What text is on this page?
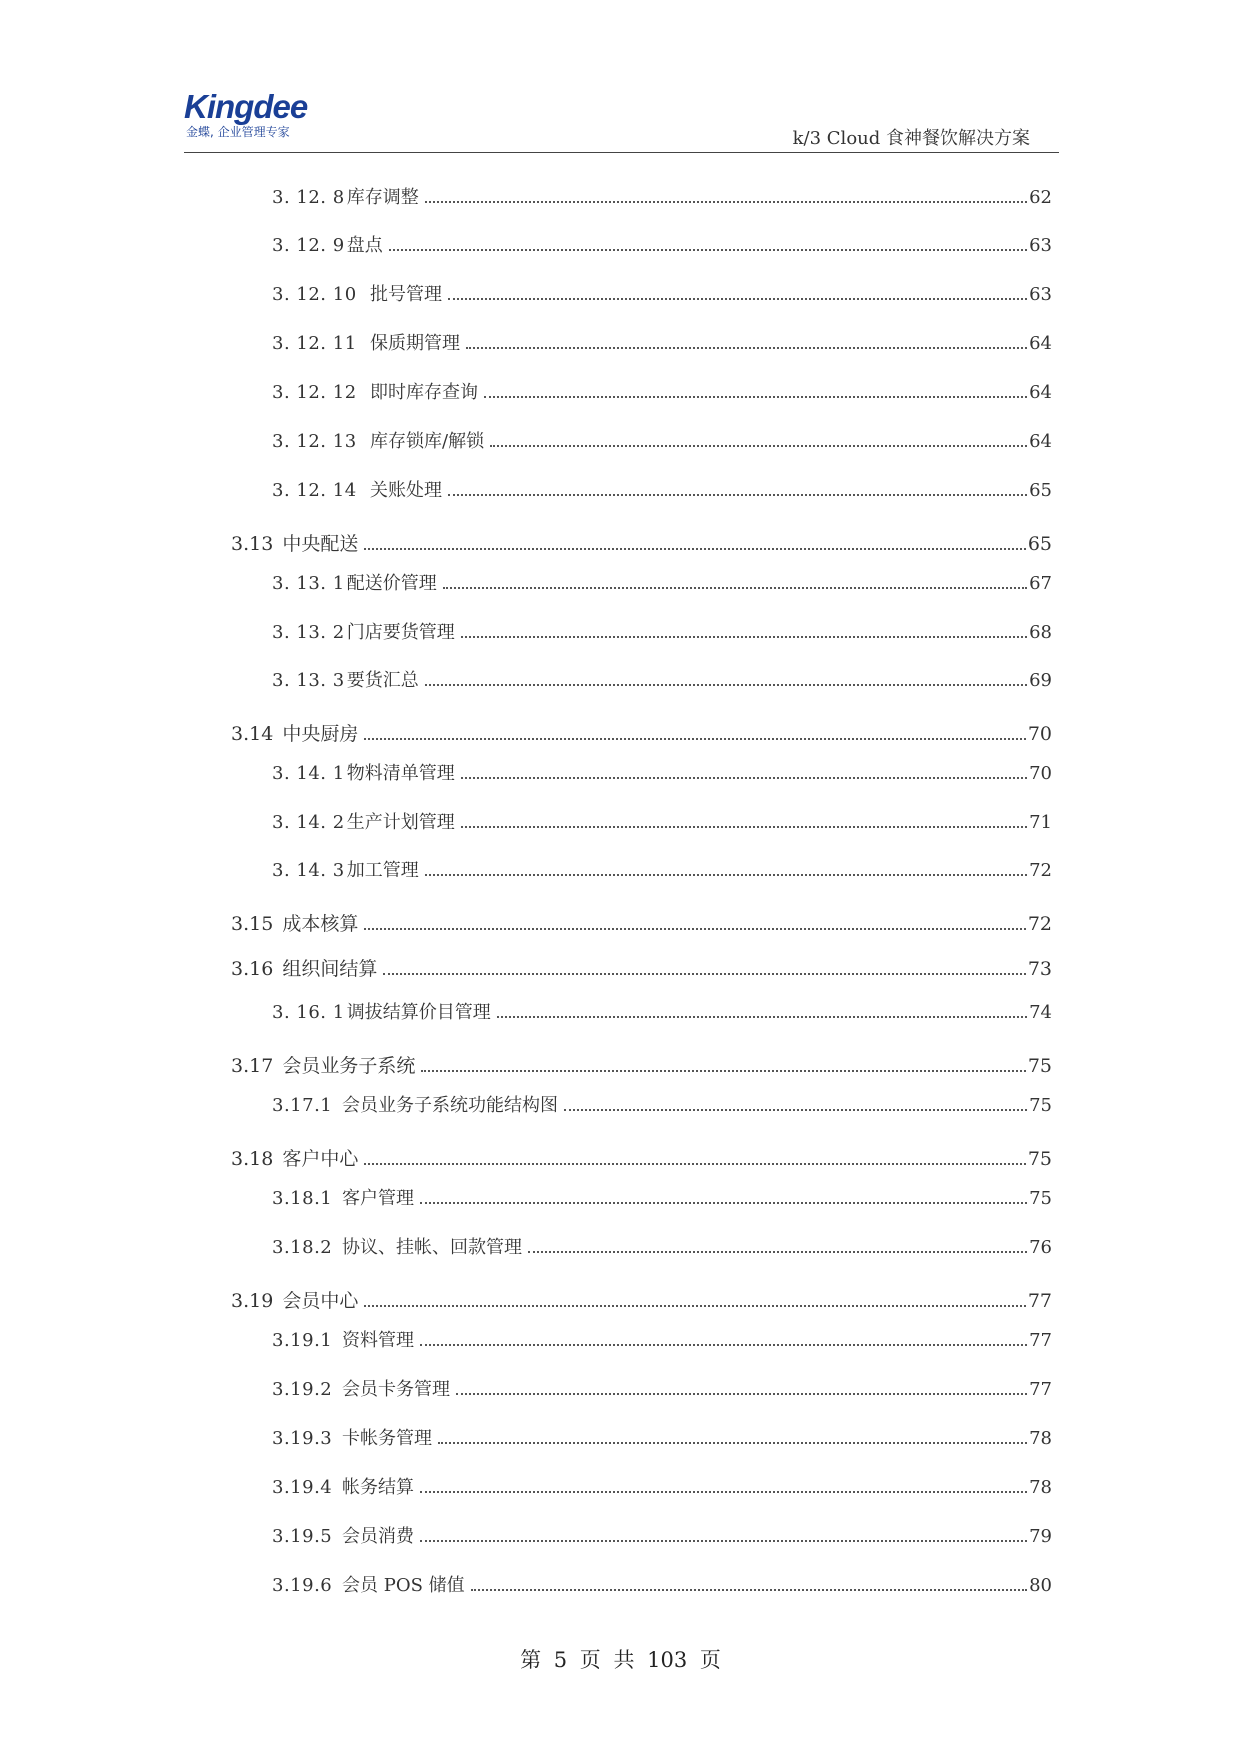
Kingdee
金蝶, 企业管理专家	k/3 Cloud 食神餐饮解决方案
3. 12. 8 库存调整	62
3. 12. 9 盘点	63
3. 12. 10 批号管理	63
3. 12. 11 保质期管理	64
3. 12. 12 即时库存查询	64
3. 12. 13 库存锁库/解锁	64
3. 12. 14 关账处理	65
3.13 中央配送	65
3. 13. 1 配送价管理	67
3. 13. 2 门店要货管理	68
3. 13. 3 要货汇总	69
3.14 中央厨房	70
3. 14. 1 物料清单管理	70
3. 14. 2 生产计划管理	71
3. 14. 3 加工管理	72
3.15 成本核算	72
3.16 组织间结算	73
3. 16. 1 调拔结算价目管理	74
3.17 会员业务子系统	75
3.17.1 会员业务子系统功能结构图	75
3.18 客户中心	75
3.18.1 客户管理	75
3.18.2 协议、挂帐、回款管理	76
3.19 会员中心	77
3.19.1 资料管理	77
3.19.2 会员卡务管理	77
3.19.3 卡帐务管理	78
3.19.4 帐务结算	78
3.19.5 会员消费	79
3.19.6 会员 POS 储值	80
第 5 页 共 103 页
